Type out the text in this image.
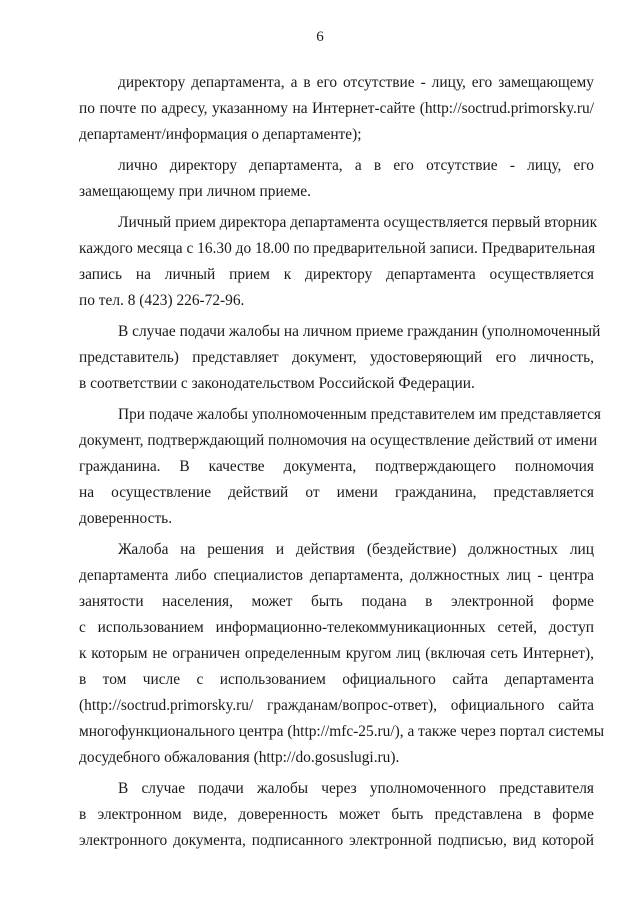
6
директору департамента, а в его отсутствие - лицу, его замещающему
по почте по адресу, указанному на Интернет-сайте (http://soctrud.primorsky.ru/
департамент/информация о департаменте);
лично директору департамента, а в его отсутствие - лицу, его
замещающему при личном приеме.
Личный прием директора департамента осуществляется первый вторник
каждого месяца с 16.30 до 18.00 по предварительной записи. Предварительная
запись на личный прием к директору департамента осуществляется
по тел. 8 (423) 226-72-96.
В случае подачи жалобы на личном приеме гражданин (уполномоченный
представитель) представляет документ, удостоверяющий его личность,
в соответствии с законодательством Российской Федерации.
При подаче жалобы уполномоченным представителем им представляется
документ, подтверждающий полномочия на осуществление действий от имени
гражданина. В качестве документа, подтверждающего полномочия
на осуществление действий от имени гражданина, представляется
доверенность.
Жалоба на решения и действия (бездействие) должностных лиц
департамента либо специалистов департамента, должностных лиц - центра
занятости населения, может быть подана в электронной форме
с использованием информационно-телекоммуникационных сетей, доступ
к которым не ограничен определенным кругом лиц (включая сеть Интернет),
в том числе с использованием официального сайта департамента
(http://soctrud.primorsky.ru/ гражданам/вопрос-ответ), официального сайта
многофункционального центра (http://mfc-25.ru/), а также через портал системы
досудебного обжалования (http://do.gosuslugi.ru).
В случае подачи жалобы через уполномоченного представителя
в электронном виде, доверенность может быть представлена в форме
электронного документа, подписанного электронной подписью, вид которой
